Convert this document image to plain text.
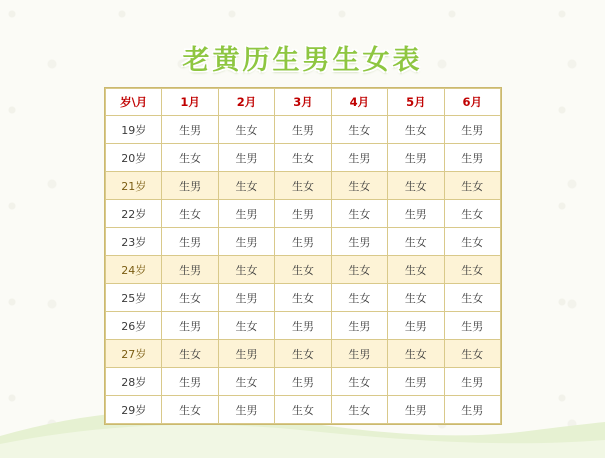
老黄历生男生女表
岁\月	1月	2月	3月	4月	5月	6月
19岁	生男	生女	生男	生女	生女	生男
20岁	生女	生男	生女	生男	生男	生男
21岁	生男	生女	生女	生女	生女	生女
22岁	生女	生男	生男	生女	生男	生女
23岁	生男	生男	生男	生男	生女	生女
24岁	生男	生女	生女	生女	生女	生女
25岁	生女	生男	生女	生女	生女	生女
26岁	生男	生女	生男	生男	生男	生男
27岁	生女	生男	生女	生男	生女	生女
28岁	生男	生女	生男	生女	生男	生男
29岁	生女	生男	生女	生女	生男	生男
